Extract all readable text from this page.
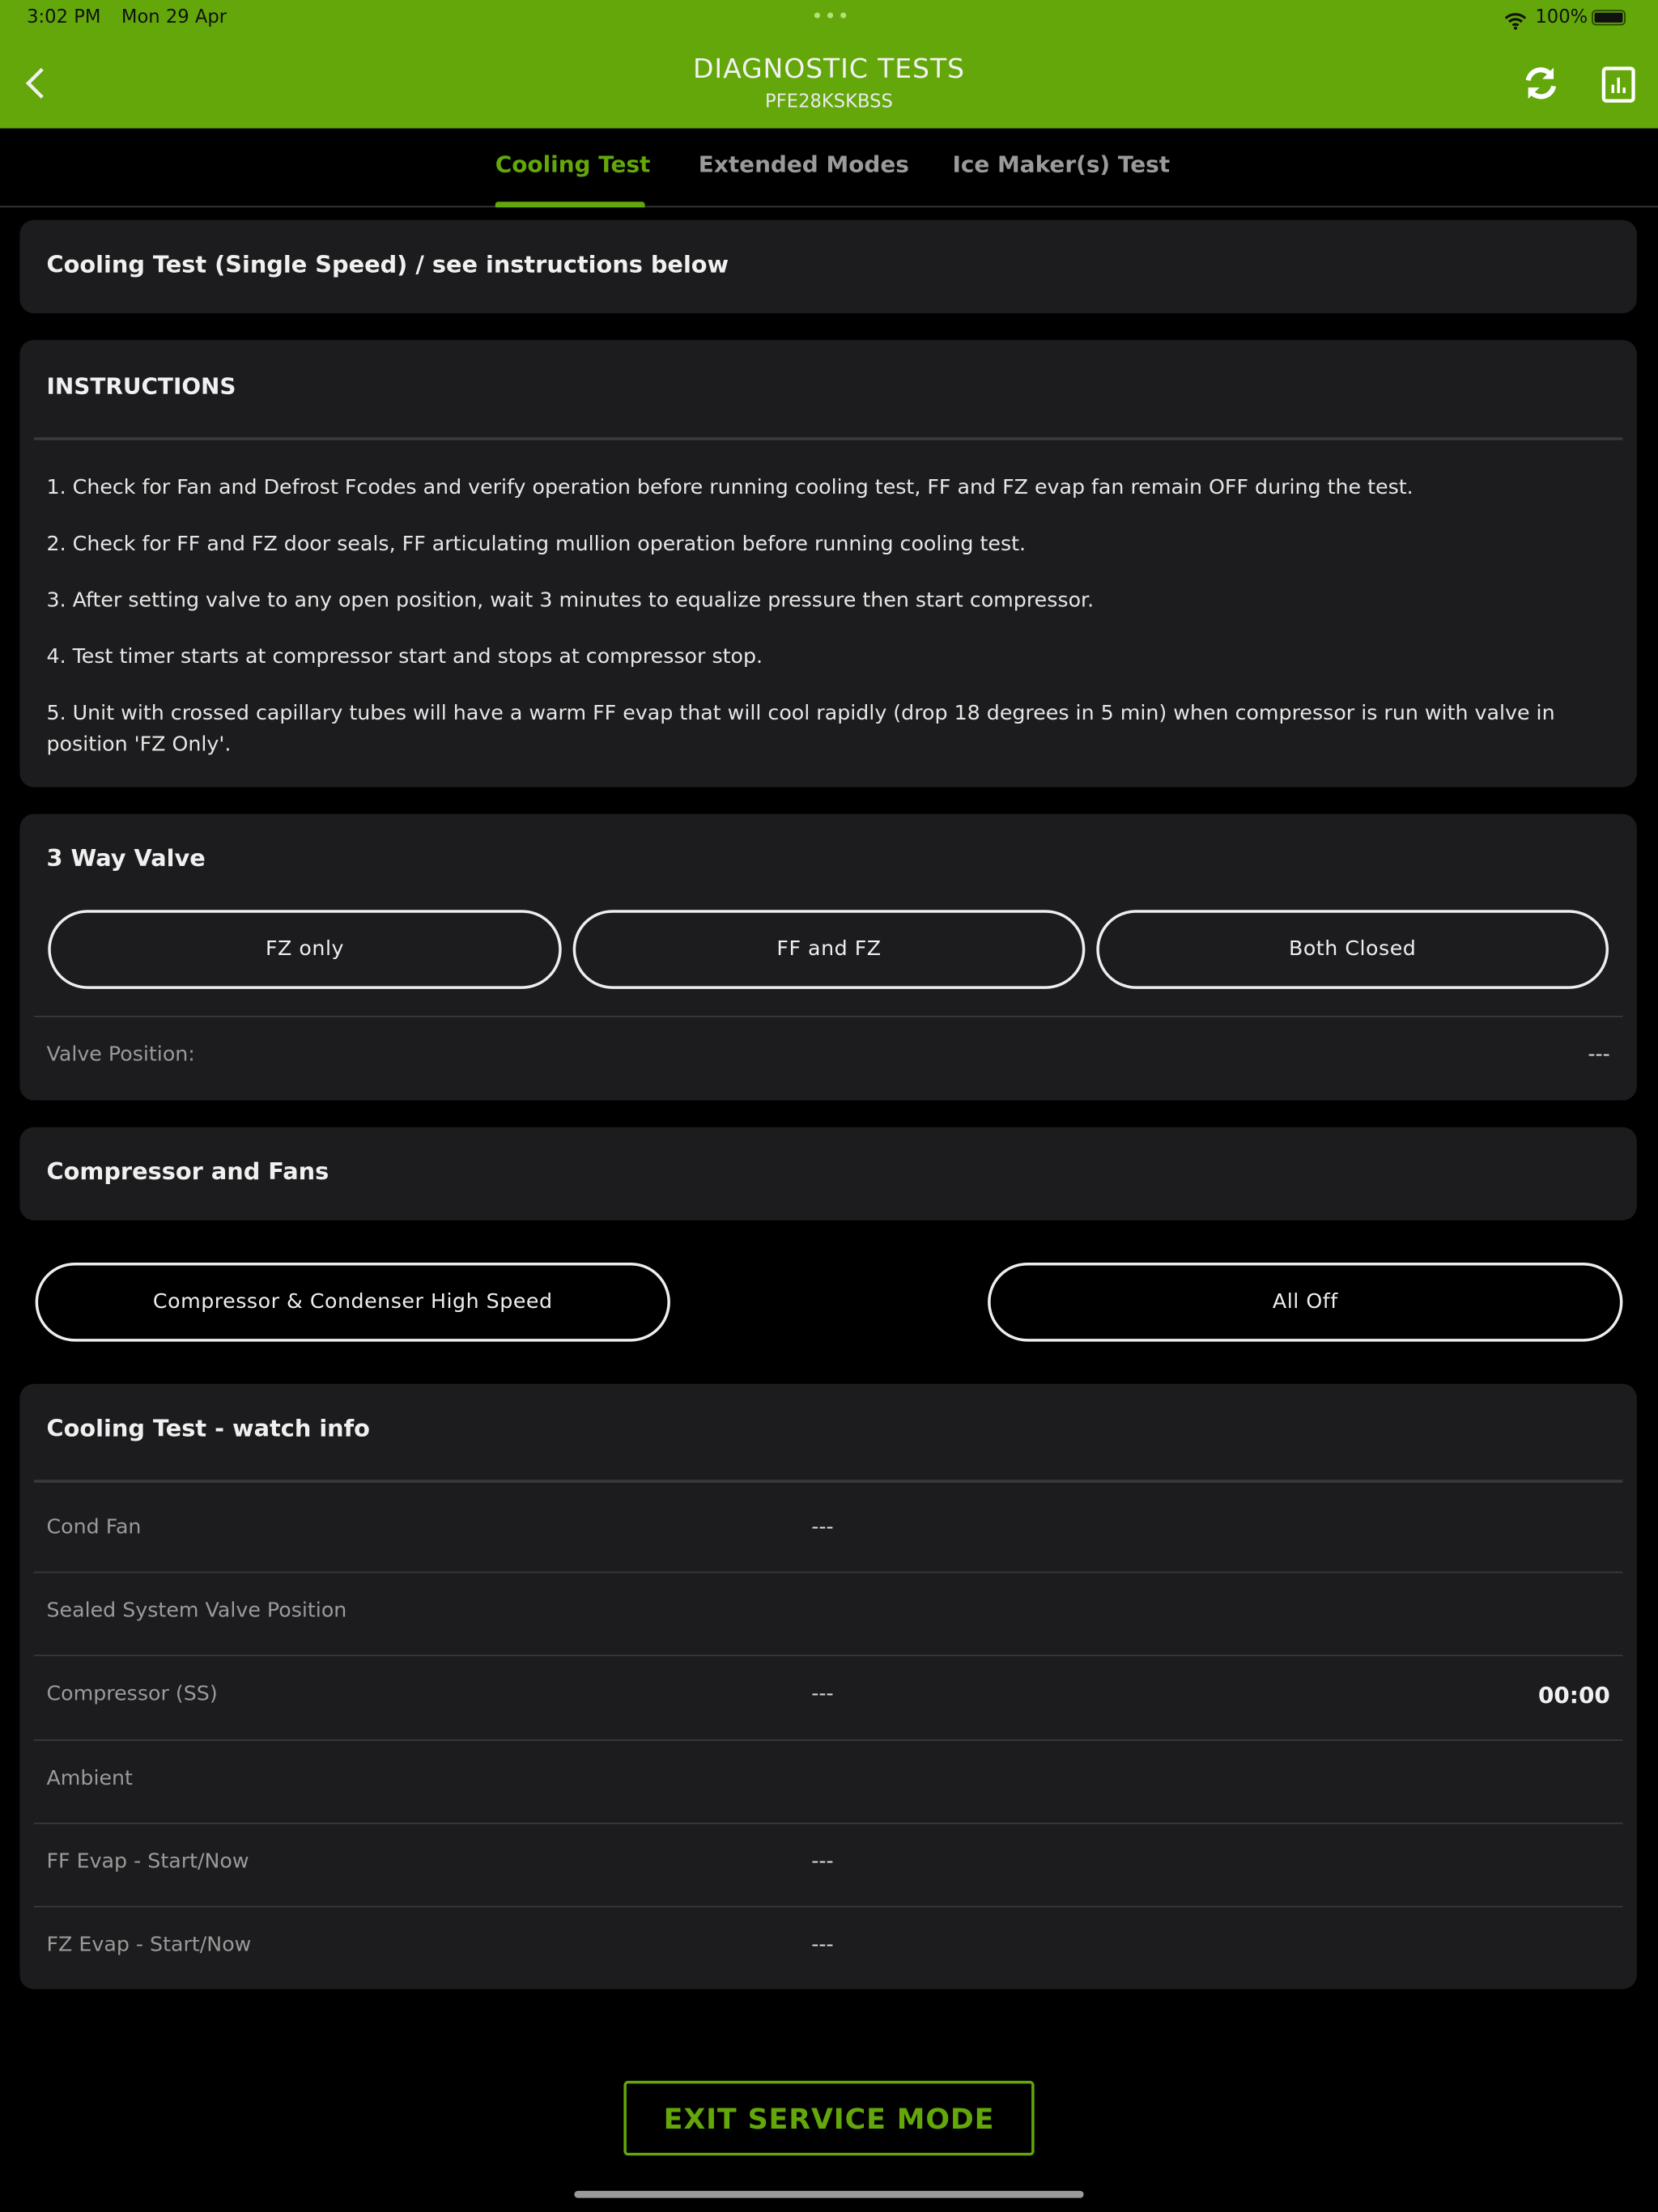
3:02 PM Mon 29 Apr	•••	100%
DIAGNOSTIC TESTS
PFE28KSKBSS
Cooling Test	Extended Modes	Ice Maker(s) Test
Cooling Test (Single Speed) / see instructions below
INSTRUCTIONS
1. Check for Fan and Defrost Fcodes and verify operation before running cooling test, FF and FZ evap fan remain OFF during the test.
2. Check for FF and FZ door seals, FF articulating mullion operation before running cooling test.
3. After setting valve to any open position, wait 3 minutes to equalize pressure then start compressor.
4. Test timer starts at compressor start and stops at compressor stop.
5. Unit with crossed capillary tubes will have a warm FF evap that will cool rapidly (drop 18 degrees in 5 min) when compressor is run with valve in position 'FZ Only'.
3 Way Valve
FZ only	FF and FZ	Both Closed
Valve Position:	---
Compressor and Fans
Compressor & Condenser High Speed	All Off
Cooling Test - watch info
Cond Fan	---
Sealed System Valve Position
Compressor (SS)	---	00:00
Ambient
FF Evap - Start/Now	---
FZ Evap - Start/Now	---
EXIT SERVICE MODE
